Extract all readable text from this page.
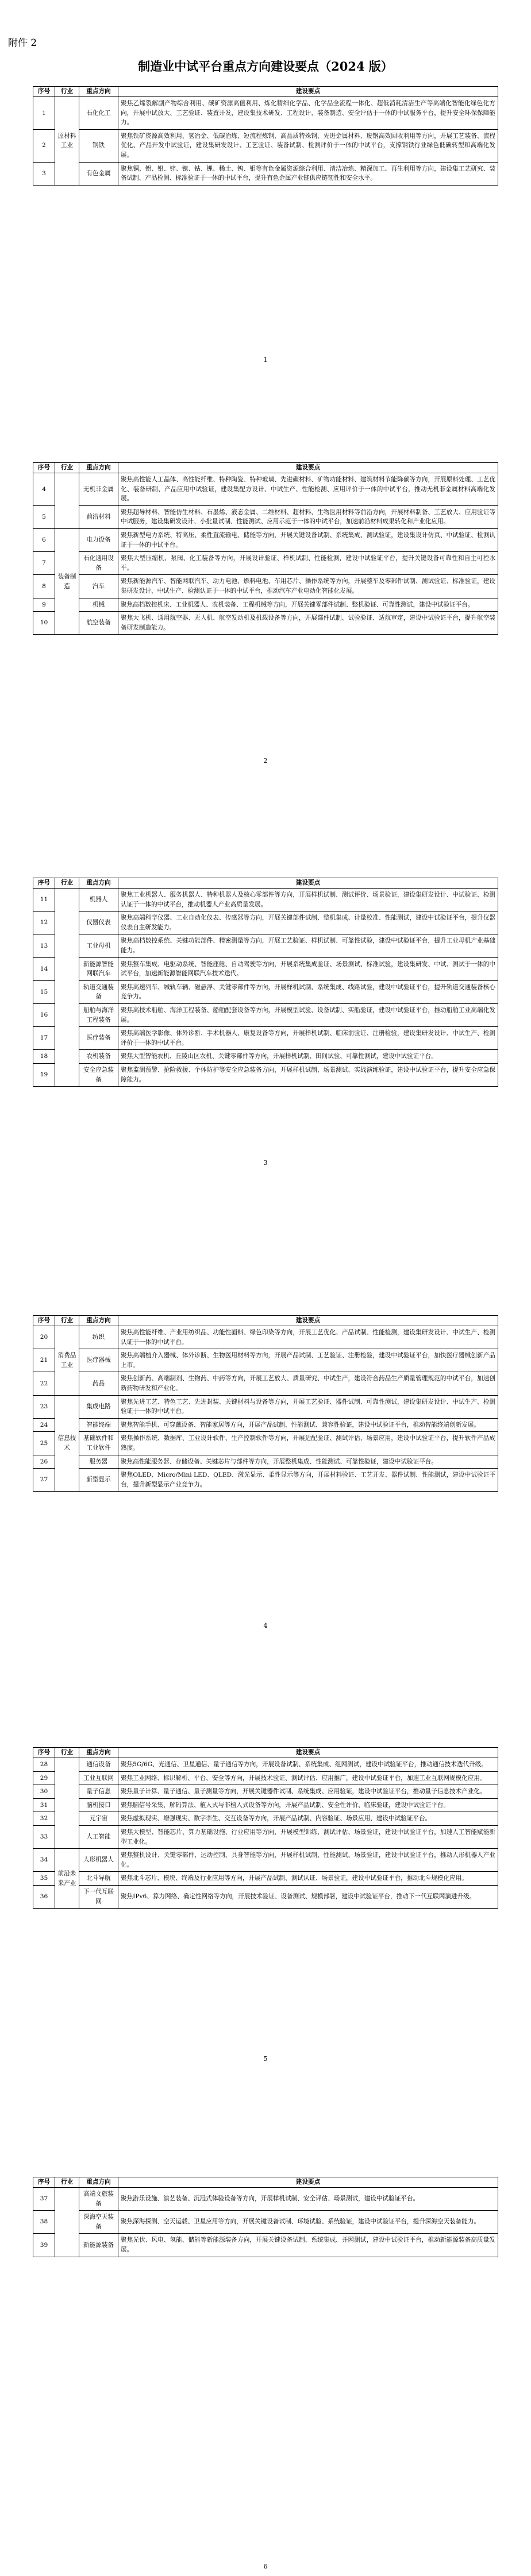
附件 2
制造业中试平台重点方向建设要点（2024 版）
序号	行业	重点方向	建设要点
1	原材料工业	石化化工	聚焦乙烯裂解副产物综合利用、碳矿资源高值利用、炼化精细化学品、化学品全流程一体化、超低消耗清洁生产等高端化智能化绿色化方向，开展中试放大、工艺验证、装置开发，建设集技术研发、工程设计、装备制造、安全评估于一体的中试服务平台，提升安全环保保障能力。
2		钢铁	聚焦铁矿资源高效利用、氢冶金、低碳冶炼、短流程炼钢、高品质特殊钢、先进金属材料、废钢高效回收利用等方向，开展工艺装备、流程优化、产品开发中试验证，建设集研发设计、工艺验证、装备试制、检测评价于一体的中试平台，支撑钢铁行业绿色低碳转型和高端化发展。
3		有色金属	聚焦铜、铝、铅、锌、镍、钴、锂、稀土、钨、钼等有色金属资源综合利用、清洁冶炼、精深加工、再生利用等方向，建设集工艺研究、装备试制、产品检测、标准验证于一体的中试平台，提升有色金属产业链供应链韧性和安全水平。
1
序号	行业	重点方向	建设要点
4		无机非金属	聚焦高性能人工晶体、高性能纤维、特种陶瓷、特种玻璃、先进碳材料、矿物功能材料、建筑材料节能降碳等方向，开展原料处理、工艺优化、装备研制、产品应用中试验证，建设集配方设计、中试生产、性能检测、应用评价于一体的中试平台，推动无机非金属材料高端化发展。
5		前沿材料	聚焦超导材料、智能仿生材料、石墨烯、液态金属、二维材料、超材料、生物医用材料等前沿方向，开展材料制备、工艺放大、应用验证等中试服务，建设集研发设计、小批量试制、性能测试、应用示范于一体的中试平台，加速前沿材料成果转化和产业化应用。
6	装备制造	电力设备	聚焦新型电力系统、特高压、柔性直流输电、储能等方向，开展关键设备试制、系统集成、测试验证，建设集设计仿真、中试验证、检测认证于一体的中试平台。
7		石化通用设备	聚焦大型压缩机、泵阀、化工装备等方向，开展设计验证、样机试制、性能检测，建设中试验证平台，提升关键设备可靠性和自主可控水平。
8		汽车	聚焦新能源汽车、智能网联汽车、动力电池、燃料电池、车用芯片、操作系统等方向，开展整车及零部件试制、测试验证、标准验证，建设集研发设计、中试生产、检测认证于一体的中试平台，推动汽车产业电动化智能化发展。
9		机械	聚焦高档数控机床、工业机器人、农机装备、工程机械等方向，开展关键零部件试制、整机验证、可靠性测试，建设中试验证平台。
10		航空装备	聚焦大飞机、通用航空器、无人机、航空发动机及机载设备等方向，开展部件试制、试验验证、适航审定，建设中试验证平台，提升航空装备研发制造能力。
2
序号	行业	重点方向	建设要点
11		机器人	聚焦工业机器人、服务机器人、特种机器人及核心零部件等方向，开展样机试制、测试评价、场景验证，建设集研发设计、中试验证、检测认证于一体的中试平台，推动机器人产业高质量发展。
12		仪器仪表	聚焦高端科学仪器、工业自动化仪表、传感器等方向，开展关键部件试制、整机集成、计量校准、性能测试，建设中试验证平台，提升仪器仪表自主研发能力。
13		工业母机	聚焦高档数控系统、关键功能部件、精密测量等方向，开展工艺验证、样机试制、可靠性试验，建设中试验证平台，提升工业母机产业基础能力。
14		新能源智能网联汽车	聚焦整车集成、电驱动系统、智能座舱、自动驾驶等方向，开展系统集成验证、场景测试、标准试验，建设集研发、中试、测试于一体的中试平台，加速新能源智能网联汽车技术迭代。
15		轨道交通装备	聚焦高速列车、城轨车辆、磁悬浮、关键零部件等方向，开展样机试制、系统集成、线路试验，建设中试验证平台，提升轨道交通装备核心竞争力。
16		船舶与海洋工程装备	聚焦高技术船舶、海洋工程装备、船舶配套设备等方向，开展模型试验、设备试制、实船验证，建设中试验证平台，推动船舶工业高端化发展。
17		医疗装备	聚焦高端医学影像、体外诊断、手术机器人、康复设备等方向，开展样机试制、临床前验证、注册检验，建设集研发设计、中试生产、检测评价于一体的中试平台。
18		农机装备	聚焦大型智能农机、丘陵山区农机、关键零部件等方向，开展样机试制、田间试验、可靠性测试，建设中试验证平台。
19		安全应急装备	聚焦监测预警、抢险救援、个体防护等安全应急装备方向，开展样机试制、场景测试、实战演练验证，建设中试验证平台，提升安全应急保障能力。
3
序号	行业	重点方向	建设要点
20	消费品工业	纺织	聚焦高性能纤维、产业用纺织品、功能性面料、绿色印染等方向，开展工艺优化、产品试制、性能检测，建设集研发设计、中试生产、检测认证于一体的中试平台。
21		医疗器械	聚焦高端植介入器械、体外诊断、生物医用材料等方向，开展产品试制、工艺验证、注册检验，建设中试验证平台，加快医疗器械创新产品上市。
22		药品	聚焦创新药、高端制剂、生物药、中药等方向，开展工艺放大、质量研究、中试生产，建设符合药品生产质量管理规范的中试平台，加速创新药物研发和产业化。
23	信息技术	集成电路	聚焦先进工艺、特色工艺、先进封装、关键材料与设备等方向，开展工艺验证、器件试制、可靠性测试，建设集研发设计、中试生产、检测验证于一体的中试平台。
24		智能终端	聚焦智能手机、可穿戴设备、智能家居等方向，开展产品试制、性能测试、兼容性验证，建设中试验证平台，推动智能终端创新发展。
25		基础软件和工业软件	聚焦操作系统、数据库、工业设计软件、生产控制软件等方向，开展适配验证、测试评估、场景应用，建设中试验证平台，提升软件产品成熟度。
26		服务器	聚焦高性能服务器、存储设备、关键芯片与部件等方向，开展整机集成、性能测试、可靠性验证，建设中试验证平台。
27		新型显示	聚焦OLED、Micro/Mini LED、QLED、激光显示、柔性显示等方向，开展材料验证、工艺开发、器件试制、性能测试，建设中试验证平台，提升新型显示产业竞争力。
4
序号	行业	重点方向	建设要点
28		通信设备	聚焦5G/6G、光通信、卫星通信、量子通信等方向，开展设备试制、系统集成、组网测试，建设中试验证平台，推动通信技术迭代升级。
29		工业互联网	聚焦工业网络、标识解析、平台、安全等方向，开展技术验证、测试评估、应用推广，建设中试验证平台，加速工业互联网规模化应用。
30		量子信息	聚焦量子计算、量子通信、量子测量等方向，开展关键器件试制、系统集成、应用验证，建设中试验证平台，推动量子信息技术产业化。
31		脑机接口	聚焦脑信号采集、解码算法、植入式与非植入式设备等方向，开展产品试制、安全性评价、临床验证，建设中试验证平台。
32		元宇宙	聚焦虚拟现实、增强现实、数字孪生、交互设备等方向，开展产品试制、内容验证、场景应用，建设中试验证平台。
33		人工智能	聚焦大模型、智能芯片、算力基础设施、行业应用等方向，开展模型训练、测试评估、场景验证，建设中试验证平台，加速人工智能赋能新型工业化。
34	前沿未来产业	人形机器人	聚焦整机设计、关键零部件、运动控制、具身智能等方向，开展样机试制、性能测试、场景验证，建设中试验证平台，推动人形机器人产业化。
35		北斗导航	聚焦北斗芯片、模块、终端及行业应用等方向，开展产品试制、测试认证、场景验证，建设中试验证平台，推动北斗规模化应用。
36		下一代互联网	聚焦IPv6、算力网络、确定性网络等方向，开展技术验证、设备测试、规模部署，建设中试验证平台，推动下一代互联网演进升级。
5
序号	行业	重点方向	建设要点
37		高端文旅装备	聚焦游乐设施、演艺装备、沉浸式体验设备等方向，开展样机试制、安全评估、场景测试，建设中试验证平台。
38		深海空天装备	聚焦深海探测、空天运载、卫星应用等方向，开展关键设备试制、环境试验、系统验证，建设中试验证平台，提升深海空天装备能力。
39		新能源装备	聚焦光伏、风电、氢能、储能等新能源装备方向，开展关键设备试制、系统集成、并网测试，建设中试验证平台，推动新能源装备高质量发展。
6
